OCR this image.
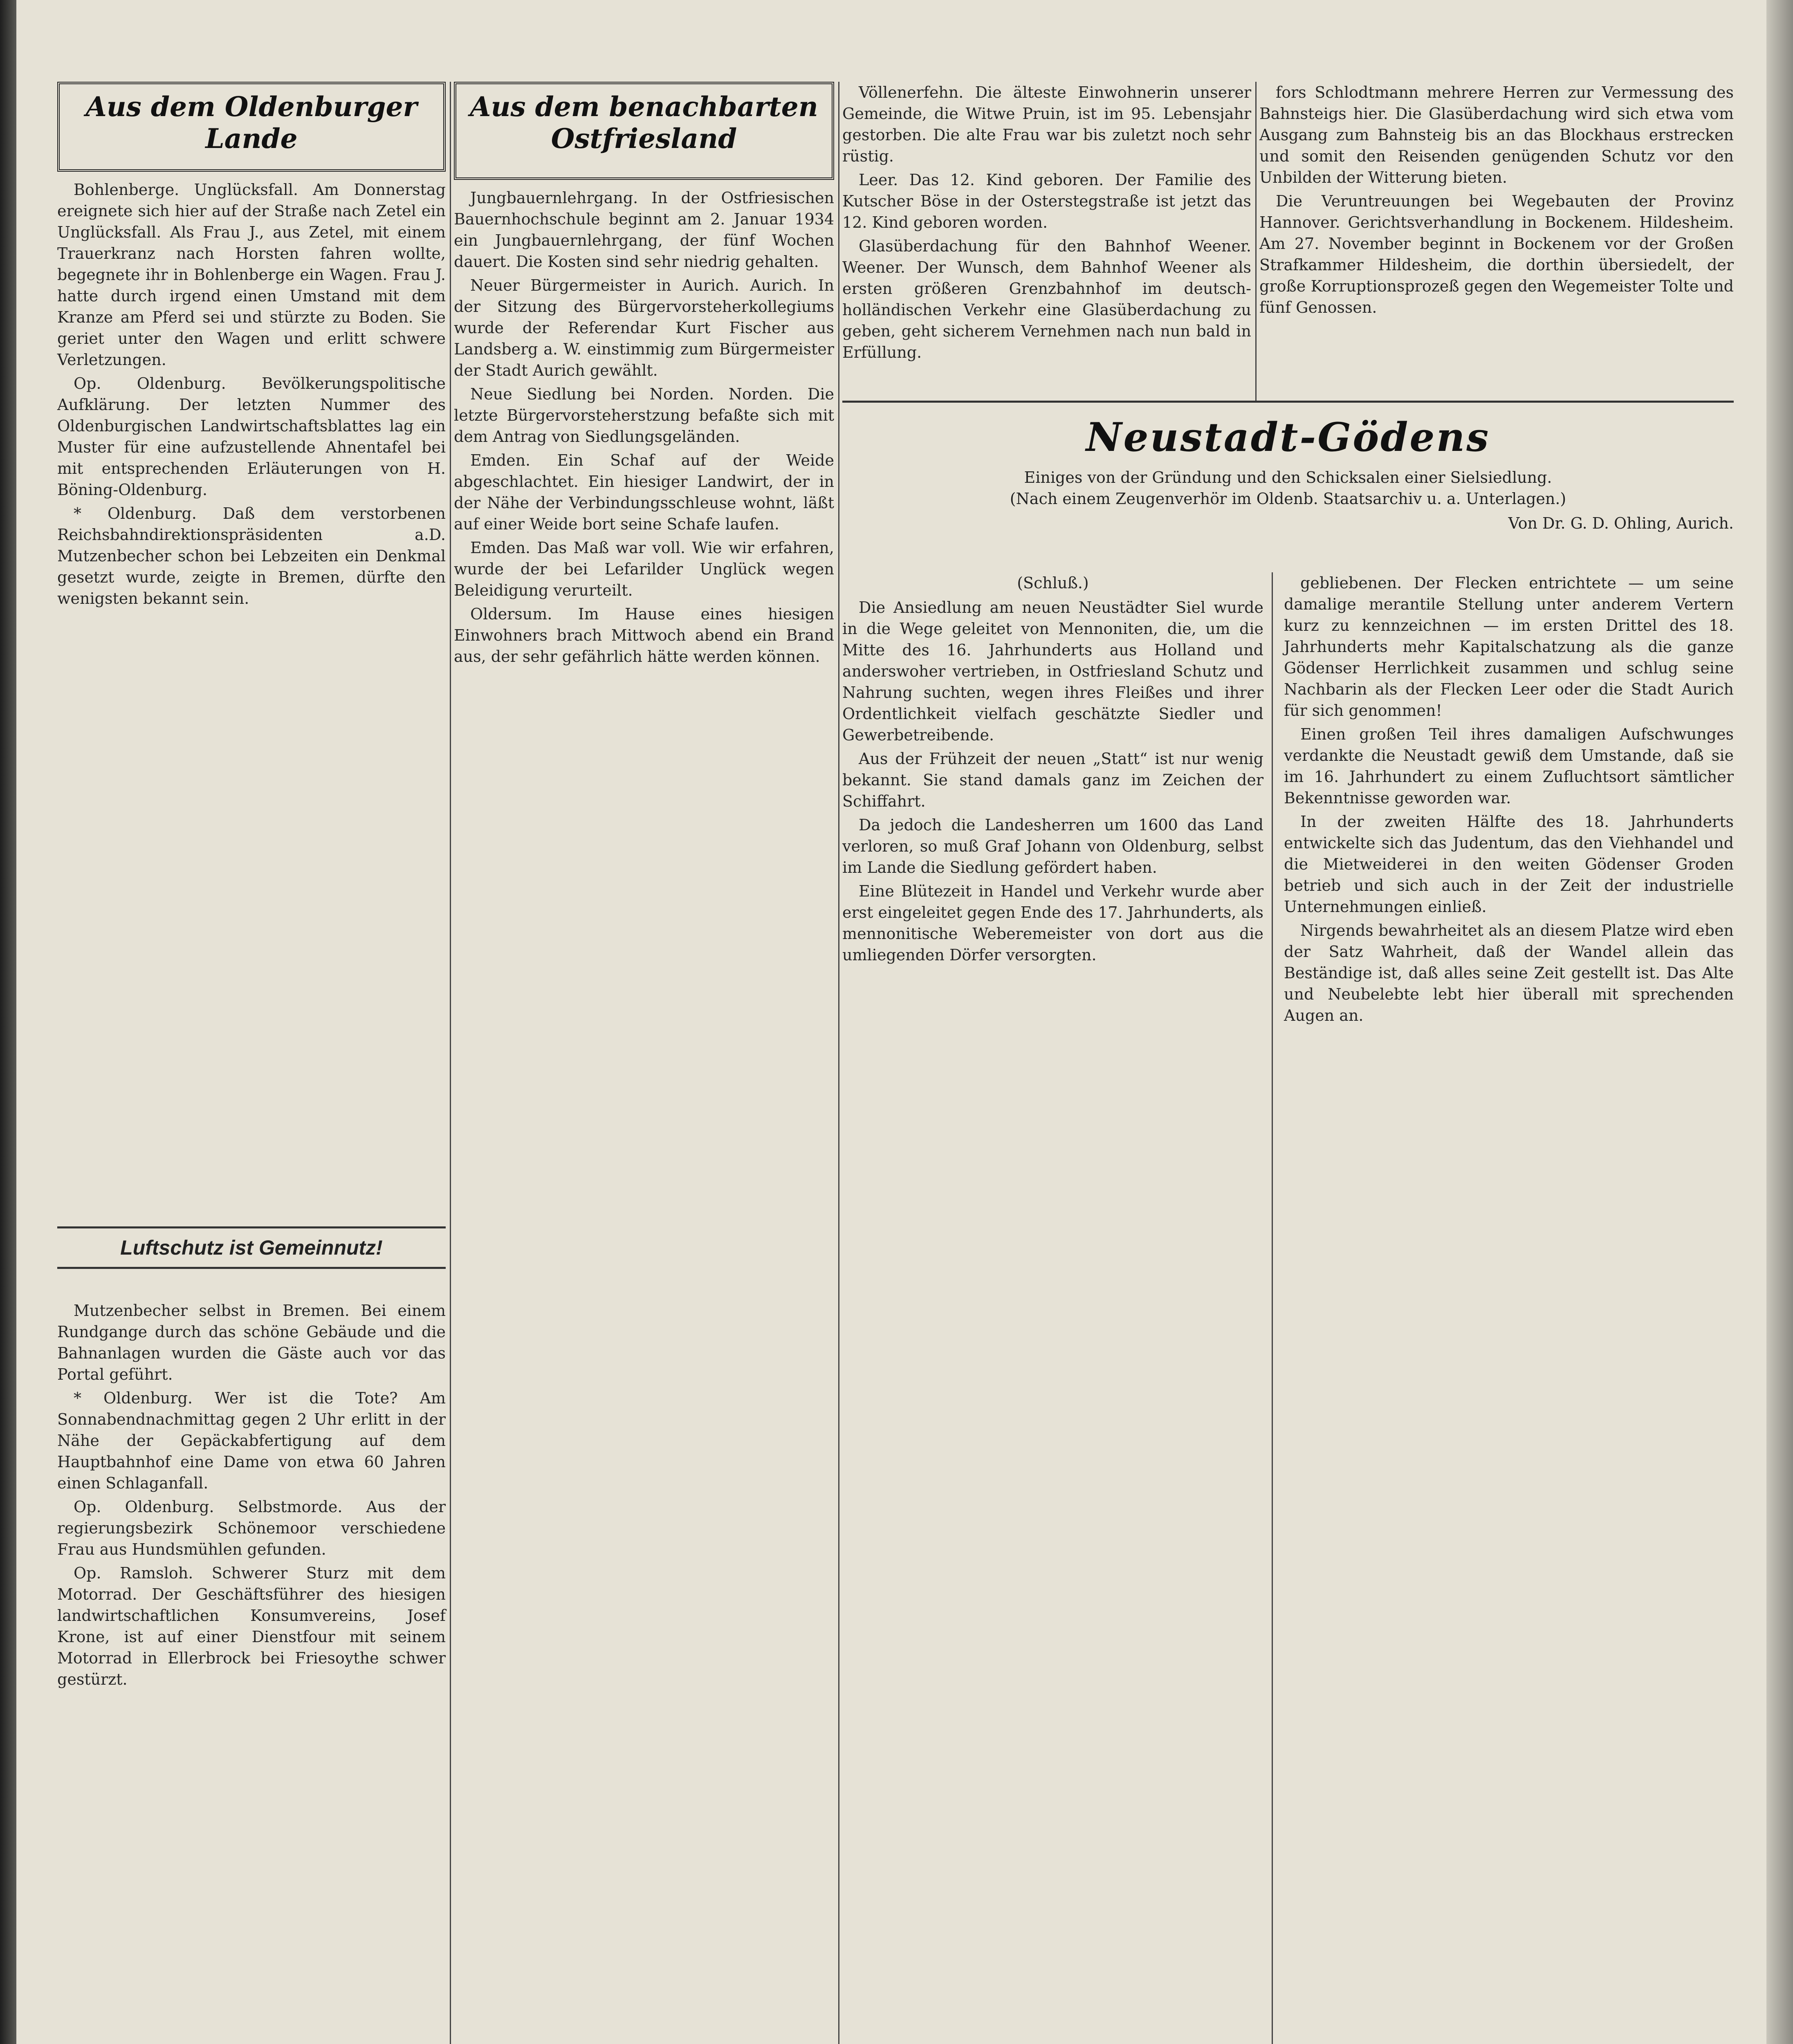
Aus dem Oldenburger Lande

Bohlenberge. Unglücksfall. Am Donnerstag ereignete sich hier auf der Straße nach Zetel ein Unglücksfall. Als Frau J., aus Zetel, mit einem Trauerkranz nach Horsten fahren wollte, begegnete ihr in Bohlenberge ein Wagen. Frau J. hatte durch irgend einen Umstand mit dem Kranze am Pferd sei und stürzte zu Boden. Sie geriet unter den Wagen und erlitt schwere Verletzungen.

Op. Oldenburg. Bevölkerungspolitische Aufklärung. Der letzten Nummer des Oldenburgischen Landwirtschaftsblattes lag ein Muster für eine aufzustellende Ahnentafel bei mit entsprechenden Erläuterungen von H. Böning-Oldenburg.

* Oldenburg. Daß dem verstorbenen Reichsbahndirektionspräsidenten a.D. Mutzenbecher schon bei Lebzeiten ein Denkmal gesetzt wurde, zeigte in Bremen, dürfte den wenigsten bekannt sein.

Luftschutz ist Gemeinnutz!

Mutzenbecher selbst in Bremen. Bei einem Rundgange durch das schöne Gebäude und die Bahnanlagen wurden die Gäste auch vor das Portal geführt.

* Oldenburg. Wer ist die Tote? Am Sonnabendnachmittag gegen 2 Uhr erlitt in der Nähe der Gepäckabfertigung auf dem Hauptbahnhof eine Dame von etwa 60 Jahren einen Schlaganfall.

Op. Oldenburg. Selbstmorde. Aus der regierungsbezirk Schönemoor verschiedene Frau aus Hundsmühlen gefunden.

Op. Ramsloh. Schwerer Sturz mit dem Motorrad. Der Geschäftsführer des hiesigen landwirtschaftlichen Konsumvereins, Josef Krone, ist auf einer Dienstfour mit seinem Motorrad in Ellerbrock bei Friesoythe schwer gestürzt.

Aus dem benachbarten Ostfriesland

Jungbauernlehrgang. In der Ostfriesischen Bauernhochschule beginnt am 2. Januar 1934 ein Jungbauernlehrgang, der fünf Wochen dauert. Die Kosten sind sehr niedrig gehalten.

Neuer Bürgermeister in Aurich. Aurich. In der Sitzung des Bürgervorsteherkollegiums wurde der Referendar Kurt Fischer aus Landsberg a. W. einstimmig zum Bürgermeister der Stadt Aurich gewählt.

Neue Siedlung bei Norden. Norden. Die letzte Bürgervorsteherstzung befaßte sich mit dem Antrag von Siedlungsgeländen.

Emden. Ein Schaf auf der Weide abgeschlachtet. Ein hiesiger Landwirt, der in der Nähe der Verbindungsschleuse wohnt, läßt auf einer Weide bort seine Schafe laufen.

Emden. Das Maß war voll. Wie wir erfahren, wurde der bei Lefarilder Unglück wegen Beleidigung verurteilt.

Oldersum. Im Hause eines hiesigen Einwohners brach Mittwoch abend ein Brand aus, der sehr gefährlich hätte werden können.

Völlenerfehn. Die älteste Einwohnerin unserer Gemeinde, die Witwe Pruin, ist im 95. Lebensjahr gestorben. Die alte Frau war bis zuletzt noch sehr rüstig.

Leer. Das 12. Kind geboren. Der Familie des Kutscher Böse in der Osterstegstraße ist jetzt das 12. Kind geboren worden.

Glasüberdachung für den Bahnhof Weener. Weener. Der Wunsch, dem Bahnhof Weener als ersten größeren Grenzbahnhof im deutsch-holländischen Verkehr eine Glasüberdachung zu geben, geht sicherem Vernehmen nach nun bald in Erfüllung.

fors Schlodtmann mehrere Herren zur Vermessung des Bahnsteigs hier. Die Glasüberdachung wird sich etwa vom Ausgang zum Bahnsteig bis an das Blockhaus erstrecken und somit den Reisenden genügenden Schutz vor den Unbilden der Witterung bieten.

Die Veruntreuungen bei Wegebauten der Provinz Hannover. Gerichtsverhandlung in Bockenem. Hildesheim. Am 27. November beginnt in Bockenem vor der Großen Strafkammer Hildesheim, die dorthin übersiedelt, der große Korruptionsprozeß gegen den Wegemeister Tolte und fünf Genossen.

Neustadt-Gödens
Einiges von der Gründung und den Schicksalen einer Sielsiedlung.
(Nach einem Zeugenverhör im Oldenb. Staatsarchiv u. a. Unterlagen.)
Von Dr. G. D. Ohling, Aurich.
(Schluß.)

Die Ansiedlung am neuen Neustädter Siel wurde in die Wege geleitet von Mennoniten, die, um die Mitte des 16. Jahrhunderts aus Holland und anderswoher vertrieben, in Ostfriesland Schutz und Nahrung suchten, wegen ihres Fleißes und ihrer Ordentlichkeit vielfach geschätzte Siedler und Gewerbetreibende.

Aus der Frühzeit der neuen „Statt“ ist nur wenig bekannt. Sie stand damals ganz im Zeichen der Schiffahrt.

Da jedoch die Landesherren um 1600 das Land verloren, so muß Graf Johann von Oldenburg, selbst im Lande die Siedlung gefördert haben.

Eine Blütezeit in Handel und Verkehr wurde aber erst eingeleitet gegen Ende des 17. Jahrhunderts, als mennonitische Weberemeister von dort aus die umliegenden Dörfer versorgten.

gebliebenen. Der Flecken entrichtete — um seine damalige merantile Stellung unter anderem Vertern kurz zu kennzeichnen — im ersten Drittel des 18. Jahrhunderts mehr Kapitalschatzung als die ganze Gödenser Herrlichkeit zusammen und schlug seine Nachbarin als der Flecken Leer oder die Stadt Aurich für sich genommen!

Einen großen Teil ihres damaligen Aufschwunges verdankte die Neustadt gewiß dem Umstande, daß sie im 16. Jahrhundert zu einem Zufluchtsort sämtlicher Bekenntnisse geworden war.

In der zweiten Hälfte des 18. Jahrhunderts entwickelte sich das Judentum, das den Viehhandel und die Mietweiderei in den weiten Gödenser Groden betrieb und sich auch in der Zeit der industrielle Unternehmungen einließ.

Nirgends bewahrheitet als an diesem Platze wird eben der Satz Wahrheit, daß der Wandel allein das Beständige ist, daß alles seine Zeit gestellt ist. Das Alte und Neubelebte lebt hier überall mit sprechenden Augen an.
